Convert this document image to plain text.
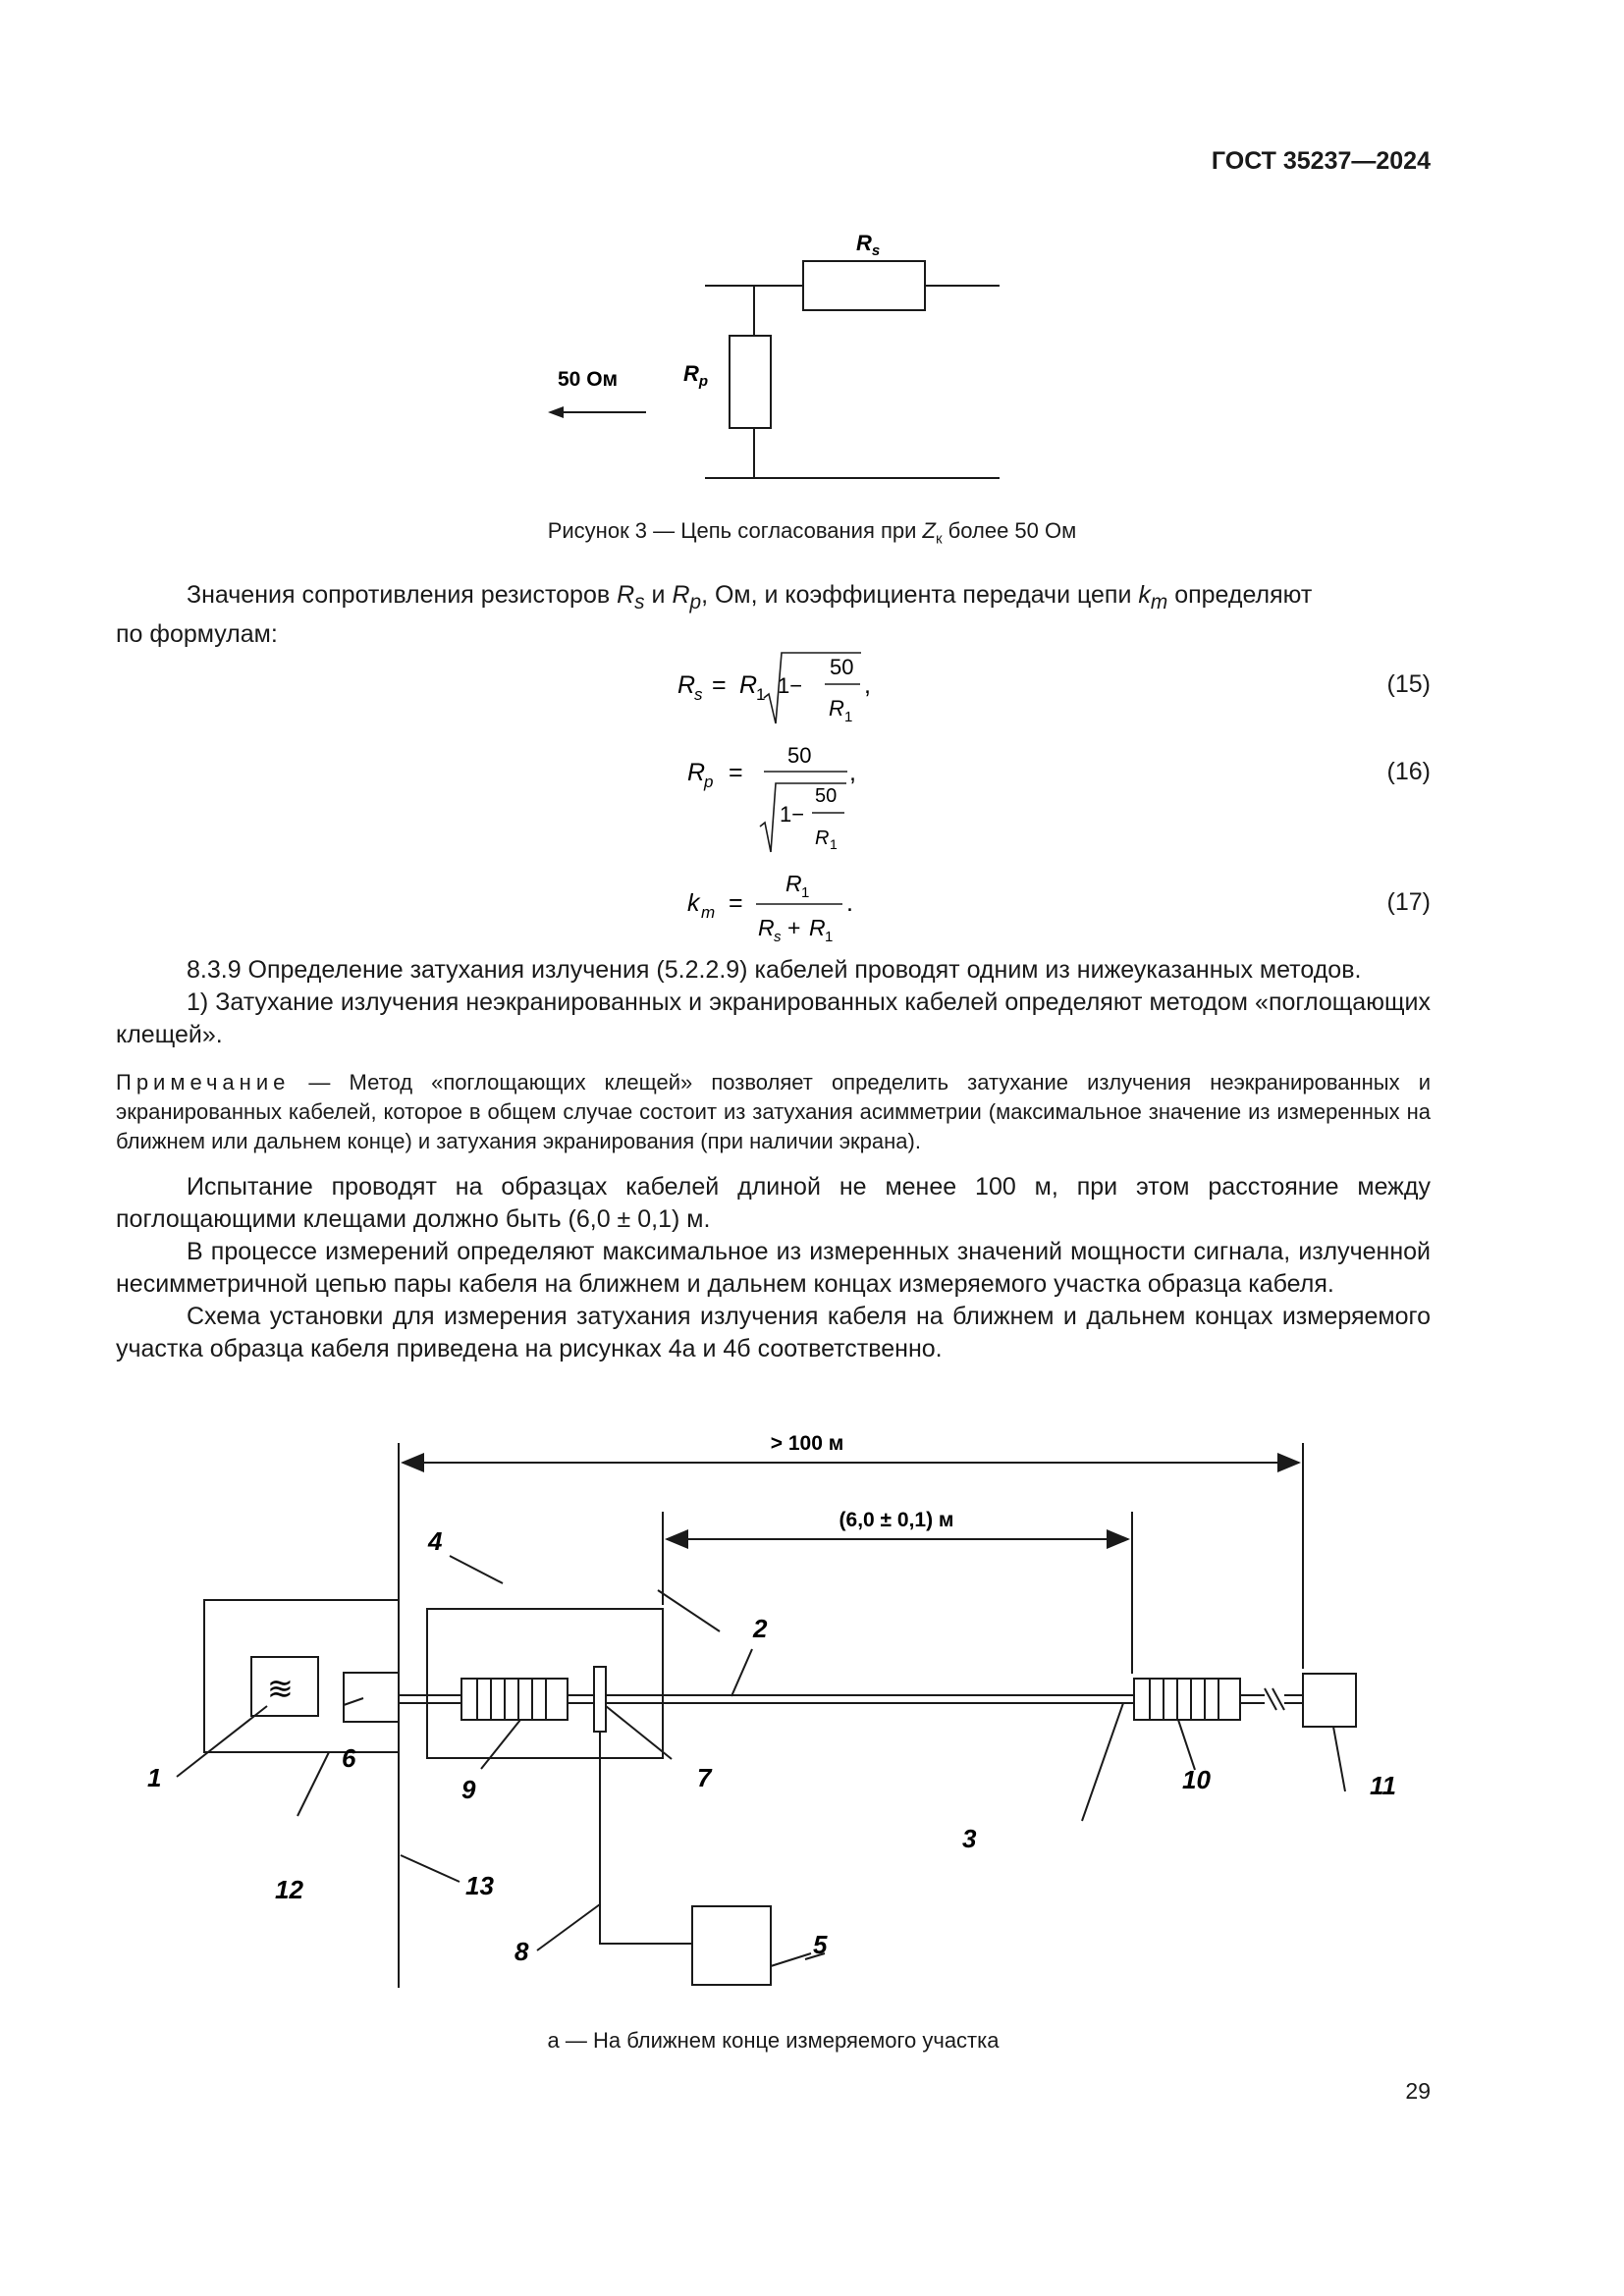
ГОСТ 35237—2024
$R_s$
$R_p$
50 Ом
Рисунок 3 — Цепь согласования при $Z_к$ более 50 Ом

Значения сопротивления резисторов $R_s$ и $R_p$, Ом, и коэффициента передачи цепи $k_m$ определяют

по формулам:

R
s = R
1 1−
50
R 1
,	(15)
R
p =
50
1−
50
R 1
,	(16)
k m =
R 1
R s + R 1
.	(17)

8.3.9 Определение затухания излучения (5.2.2.9) кабелей проводят одним из нижеуказанных методов.

1) Затухание излучения неэкранированных и экранированных кабелей определяют методом «поглощающих клещей».

Примечание — Метод «поглощающих клещей» позволяет определить затухание излучения неэкранированных и экранированных кабелей, которое в общем случае состоит из затухания асимметрии (максимальное значение из измеренных на ближнем или дальнем конце) и затухания экранирования (при наличии экрана).

Испытание проводят на образцах кабелей длиной не менее 100 м, при этом расстояние между поглощающими клещами должно быть (6,0 ± 0,1) м.

В процессе измерений определяют максимальное из измеренных значений мощности сигнала, излученной несимметричной цепью пары кабеля на ближнем и дальнем концах измеряемого участка образца кабеля.

Схема установки для измерения затухания излучения кабеля на ближнем и дальнем концах измеряемого участка образца кабеля приведена на рисунках 4а и 4б соответственно.

≋
> 100 м
(6,0 ± 0,1) м
1
2
3
4
5
6
7
8
9	10	11
12	13
а — На ближнем конце измеряемого участка
29
